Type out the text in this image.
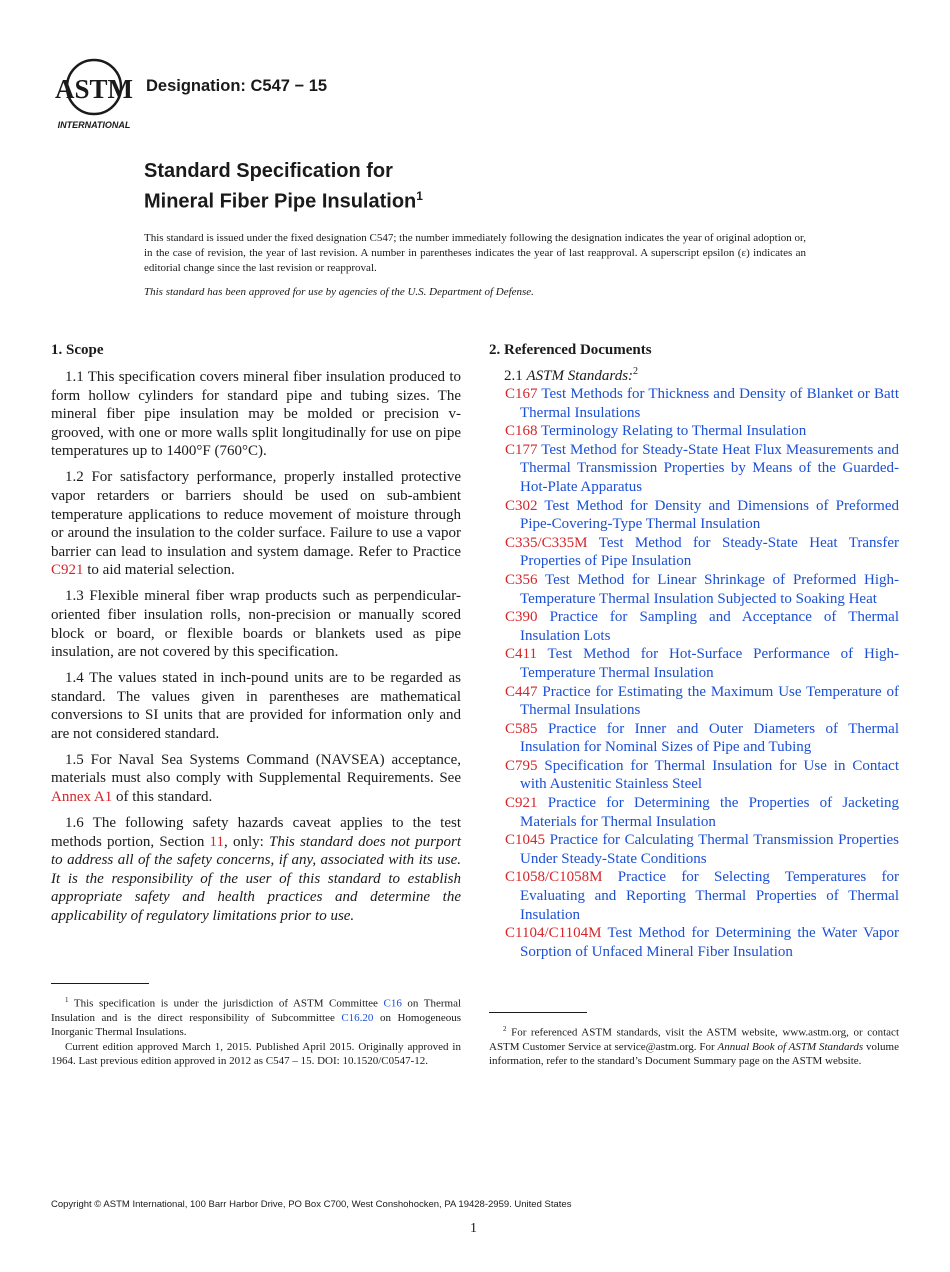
ASTM
INTERNATIONAL
Designation: C547 − 15
Standard Specification for
Mineral Fiber Pipe Insulation$^1$
This standard is issued under the fixed designation C547; the number immediately following the designation indicates the year of original adoption or, in the case of revision, the year of last revision. A number in parentheses indicates the year of last reapproval. A superscript epsilon (ε) indicates an editorial change since the last revision or reapproval.
This standard has been approved for use by agencies of the U.S. Department of Defense.
1. Scope

1.1 This specification covers mineral fiber insulation produced to form hollow cylinders for standard pipe and tubing sizes. The mineral fiber pipe insulation may be molded or precision v-grooved, with one or more walls split longitudinally for use on pipe temperatures up to 1400°F (760°C).

1.2 For satisfactory performance, properly installed protective vapor retarders or barriers should be used on sub-ambient temperature applications to reduce movement of moisture through or around the insulation to the colder surface. Failure to use a vapor barrier can lead to insulation and system damage. Refer to Practice C921 to aid material selection.

1.3 Flexible mineral fiber wrap products such as perpendicular-oriented fiber insulation rolls, non-precision or manually scored block or board, or flexible boards or blankets used as pipe insulation, are not covered by this specification.

1.4 The values stated in inch-pound units are to be regarded as standard. The values given in parentheses are mathematical conversions to SI units that are provided for information only and are not considered standard.

1.5 For Naval Sea Systems Command (NAVSEA) acceptance, materials must also comply with Supplemental Requirements. See Annex A1 of this standard.

1.6 The following safety hazards caveat applies to the test methods portion, Section 11, only: This standard does not purport to address all of the safety concerns, if any, associated with its use. It is the responsibility of the user of this standard to establish appropriate safety and health practices and determine the applicability of regulatory limitations prior to use.

2. Referenced Documents
2.1 ASTM Standards:$^2$

C167 Test Methods for Thickness and Density of Blanket or Batt Thermal Insulations

C168 Terminology Relating to Thermal Insulation

C177 Test Method for Steady-State Heat Flux Measurements and Thermal Transmission Properties by Means of the Guarded-Hot-Plate Apparatus

C302 Test Method for Density and Dimensions of Preformed Pipe-Covering-Type Thermal Insulation

C335/C335M Test Method for Steady-State Heat Transfer Properties of Pipe Insulation

C356 Test Method for Linear Shrinkage of Preformed High-Temperature Thermal Insulation Subjected to Soaking Heat

C390 Practice for Sampling and Acceptance of Thermal Insulation Lots

C411 Test Method for Hot-Surface Performance of High-Temperature Thermal Insulation

C447 Practice for Estimating the Maximum Use Temperature of Thermal Insulations

C585 Practice for Inner and Outer Diameters of Thermal Insulation for Nominal Sizes of Pipe and Tubing

C795 Specification for Thermal Insulation for Use in Contact with Austenitic Stainless Steel

C921 Practice for Determining the Properties of Jacketing Materials for Thermal Insulation

C1045 Practice for Calculating Thermal Transmission Properties Under Steady-State Conditions

C1058/C1058M Practice for Selecting Temperatures for Evaluating and Reporting Thermal Properties of Thermal Insulation

C1104/C1104M Test Method for Determining the Water Vapor Sorption of Unfaced Mineral Fiber Insulation

$^1$ This specification is under the jurisdiction of ASTM Committee C16 on Thermal Insulation and is the direct responsibility of Subcommittee C16.20 on Homogeneous Inorganic Thermal Insulations.

Current edition approved March 1, 2015. Published April 2015. Originally approved in 1964. Last previous edition approved in 2012 as C547 – 15. DOI: 10.1520/C0547-12.

$^2$ For referenced ASTM standards, visit the ASTM website, www.astm.org, or contact ASTM Customer Service at service@astm.org. For Annual Book of ASTM Standards volume information, refer to the standard’s Document Summary page on the ASTM website.

Copyright © ASTM International, 100 Barr Harbor Drive, PO Box C700, West Conshohocken, PA 19428-2959. United States
1
